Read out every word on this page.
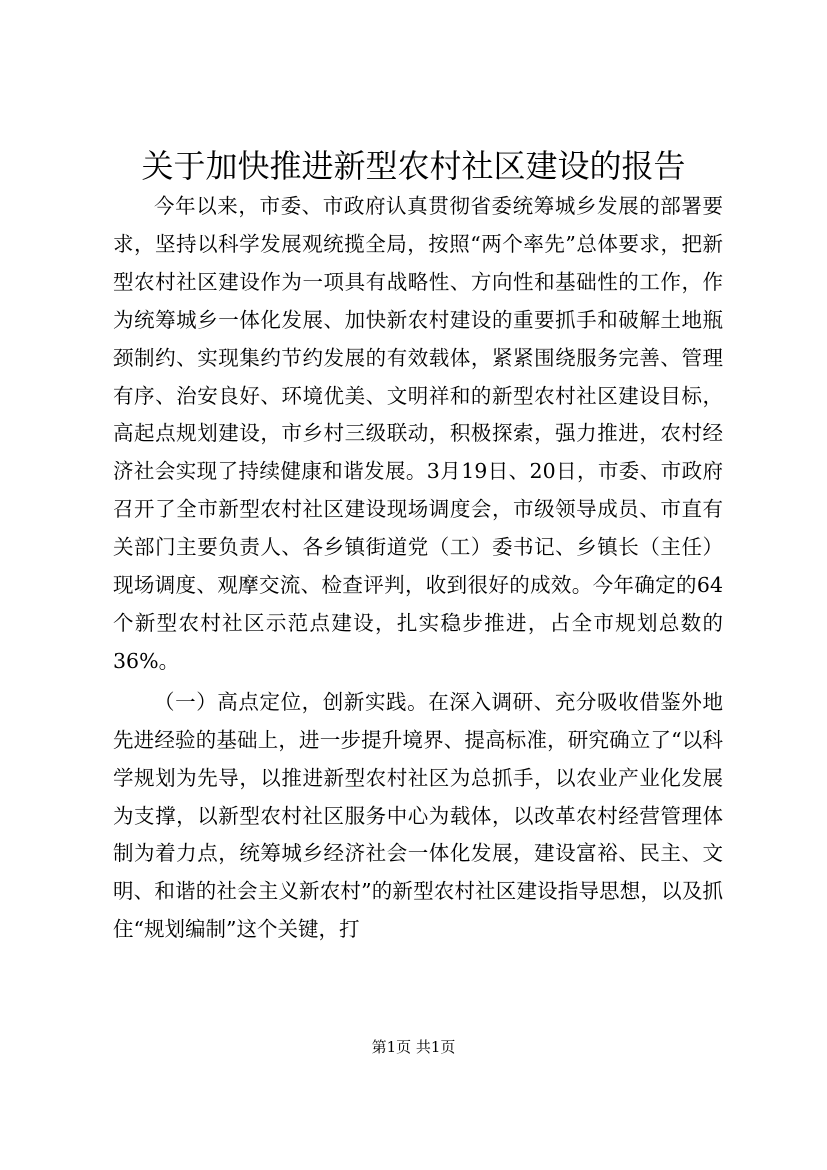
关于加快推进新型农村社区建设的报告

今年以来，市委、市政府认真贯彻省委统筹城乡发展的部署要求，坚持以科学发展观统揽全局，按照“两个率先”总体要求，把新型农村社区建设作为一项具有战略性、方向性和基础性的工作，作为统筹城乡一体化发展、加快新农村建设的重要抓手和破解土地瓶颈制约、实现集约节约发展的有效载体，紧紧围绕服务完善、管理有序、治安良好、环境优美、文明祥和的新型农村社区建设目标，高起点规划建设，市乡村三级联动，积极探索，强力推进，农村经济社会实现了持续健康和谐发展。3月19日、20日，市委、市政府召开了全市新型农村社区建设现场调度会，市级领导成员、市直有关部门主要负责人、各乡镇街道党（工）委书记、乡镇长（主任）现场调度、观摩交流、检查评判，收到很好的成效。今年确定的64个新型农村社区示范点建设，扎实稳步推进，占全市规划总数的36%。

（一）高点定位，创新实践。在深入调研、充分吸收借鉴外地先进经验的基础上，进一步提升境界、提高标准，研究确立了“以科学规划为先导，以推进新型农村社区为总抓手，以农业产业化发展为支撑，以新型农村社区服务中心为载体，以改革农村经营管理体制为着力点，统筹城乡经济社会一体化发展，建设富裕、民主、文明、和谐的社会主义新农村”的新型农村社区建设指导思想，以及抓住“规划编制”这个关键，打

第1页 共1页
